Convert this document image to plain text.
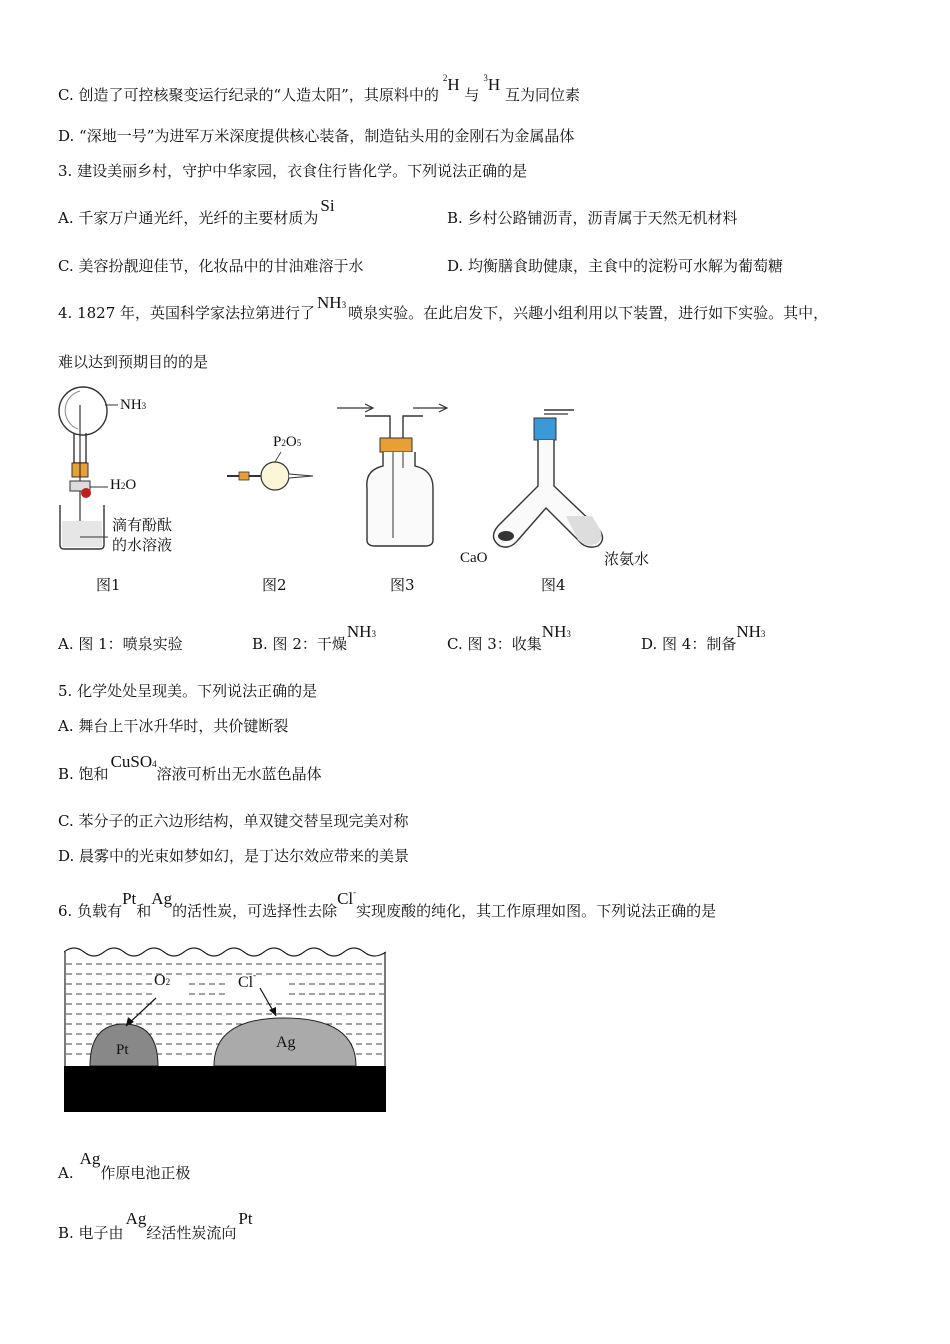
C. 创造了可控核聚变运行纪录的“人造太阳”，其原料中的$^2$H 与$^3$H 互为同位素
D. “深地一号”为进军万米深度提供核心装备，制造钻头用的金刚石为金属晶体
3. 建设美丽乡村，守护中华家园，衣食住行皆化学。下列说法正确的是
A. 千家万户通光纤，光纤的主要材质为Si
B. 乡村公路铺沥青，沥青属于天然无机材料
C. 美容扮靓迎佳节，化妆品中的甘油难溶于水	D. 均衡膳食助健康，主食中的淀粉可水解为葡萄糖
4. 1827 年，英国科学家法拉第进行了NH3 喷泉实验。在此启发下，兴趣小组利用以下装置，进行如下实验。其中，
难以达到预期目的的是
NH3
H2O
滴有酚酞
的水溶液
图1
P2O5
图2	图3
CaO	浓氨水
图4
A. 图 1：喷泉实验	B. 图 2：干燥NH3
C. 图 3：收集NH3
D. 图 4：制备NH3
5. 化学处处呈现美。下列说法正确的是
A. 舞台上干冰升华时，共价键断裂
B. 饱和CuSO4溶液可析出无水蓝色晶体
C. 苯分子的正六边形结构，单双键交替呈现完美对称
D. 晨雾中的光束如梦如幻，是丁达尔效应带来的美景
6. 负载有Pt和Ag的活性炭，可选择性去除Cl-实现废酸的纯化，其工作原理如图。下列说法正确的是
O2	Cl-
Pt	Ag
A.Ag作原电池正极
B. 电子由Ag经活性炭流向Pt
